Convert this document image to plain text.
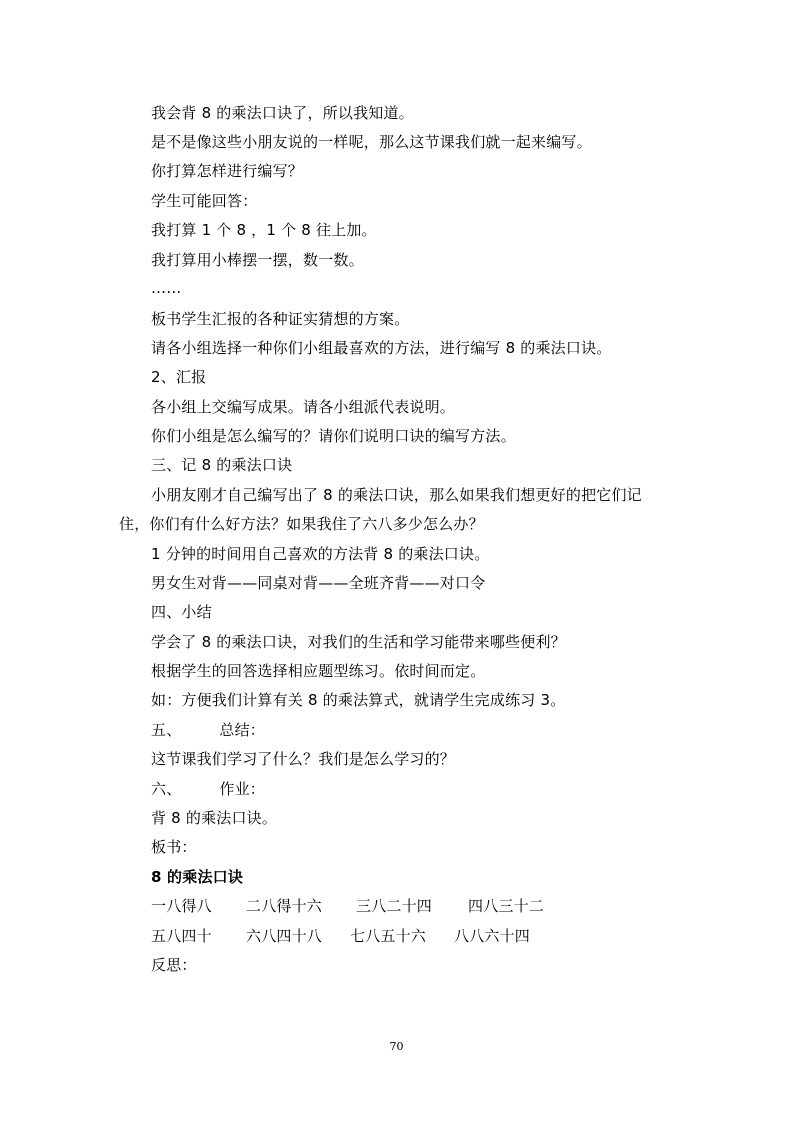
我会背 8 的乘法口诀了，所以我知道。
是不是像这些小朋友说的一样呢，那么这节课我们就一起来编写。
你打算怎样进行编写？
学生可能回答：
我打算 1 个 8 ，1 个 8 往上加。
我打算用小棒摆一摆，数一数。
……
板书学生汇报的各种证实猜想的方案。
请各小组选择一种你们小组最喜欢的方法，进行编写 8 的乘法口诀。
2、汇报
各小组上交编写成果。请各小组派代表说明。
你们小组是怎么编写的？请你们说明口诀的编写方法。
三、记 8 的乘法口诀
小朋友刚才自己编写出了 8 的乘法口诀，那么如果我们想更好的把它们记
住，你们有什么好方法？如果我住了六八多少怎么办？
1 分钟的时间用自己喜欢的方法背 8 的乘法口诀。
男女生对背——同桌对背——全班齐背——对口令
四、小结
学会了 8 的乘法口诀，对我们的生活和学习能带来哪些便利？
根据学生的回答选择相应题型练习。依时间而定。
如：方便我们计算有关 8 的乘法算式，就请学生完成练习 3。
五、	总结：
这节课我们学习了什么？我们是怎么学习的？
六、	作业：
背 8 的乘法口诀。
板书：
8 的乘法口诀
一八得八 二八得十六 三八二十四 四八三十二
五八四十 六八四十八 七八五十六 八八六十四
反思：
70
